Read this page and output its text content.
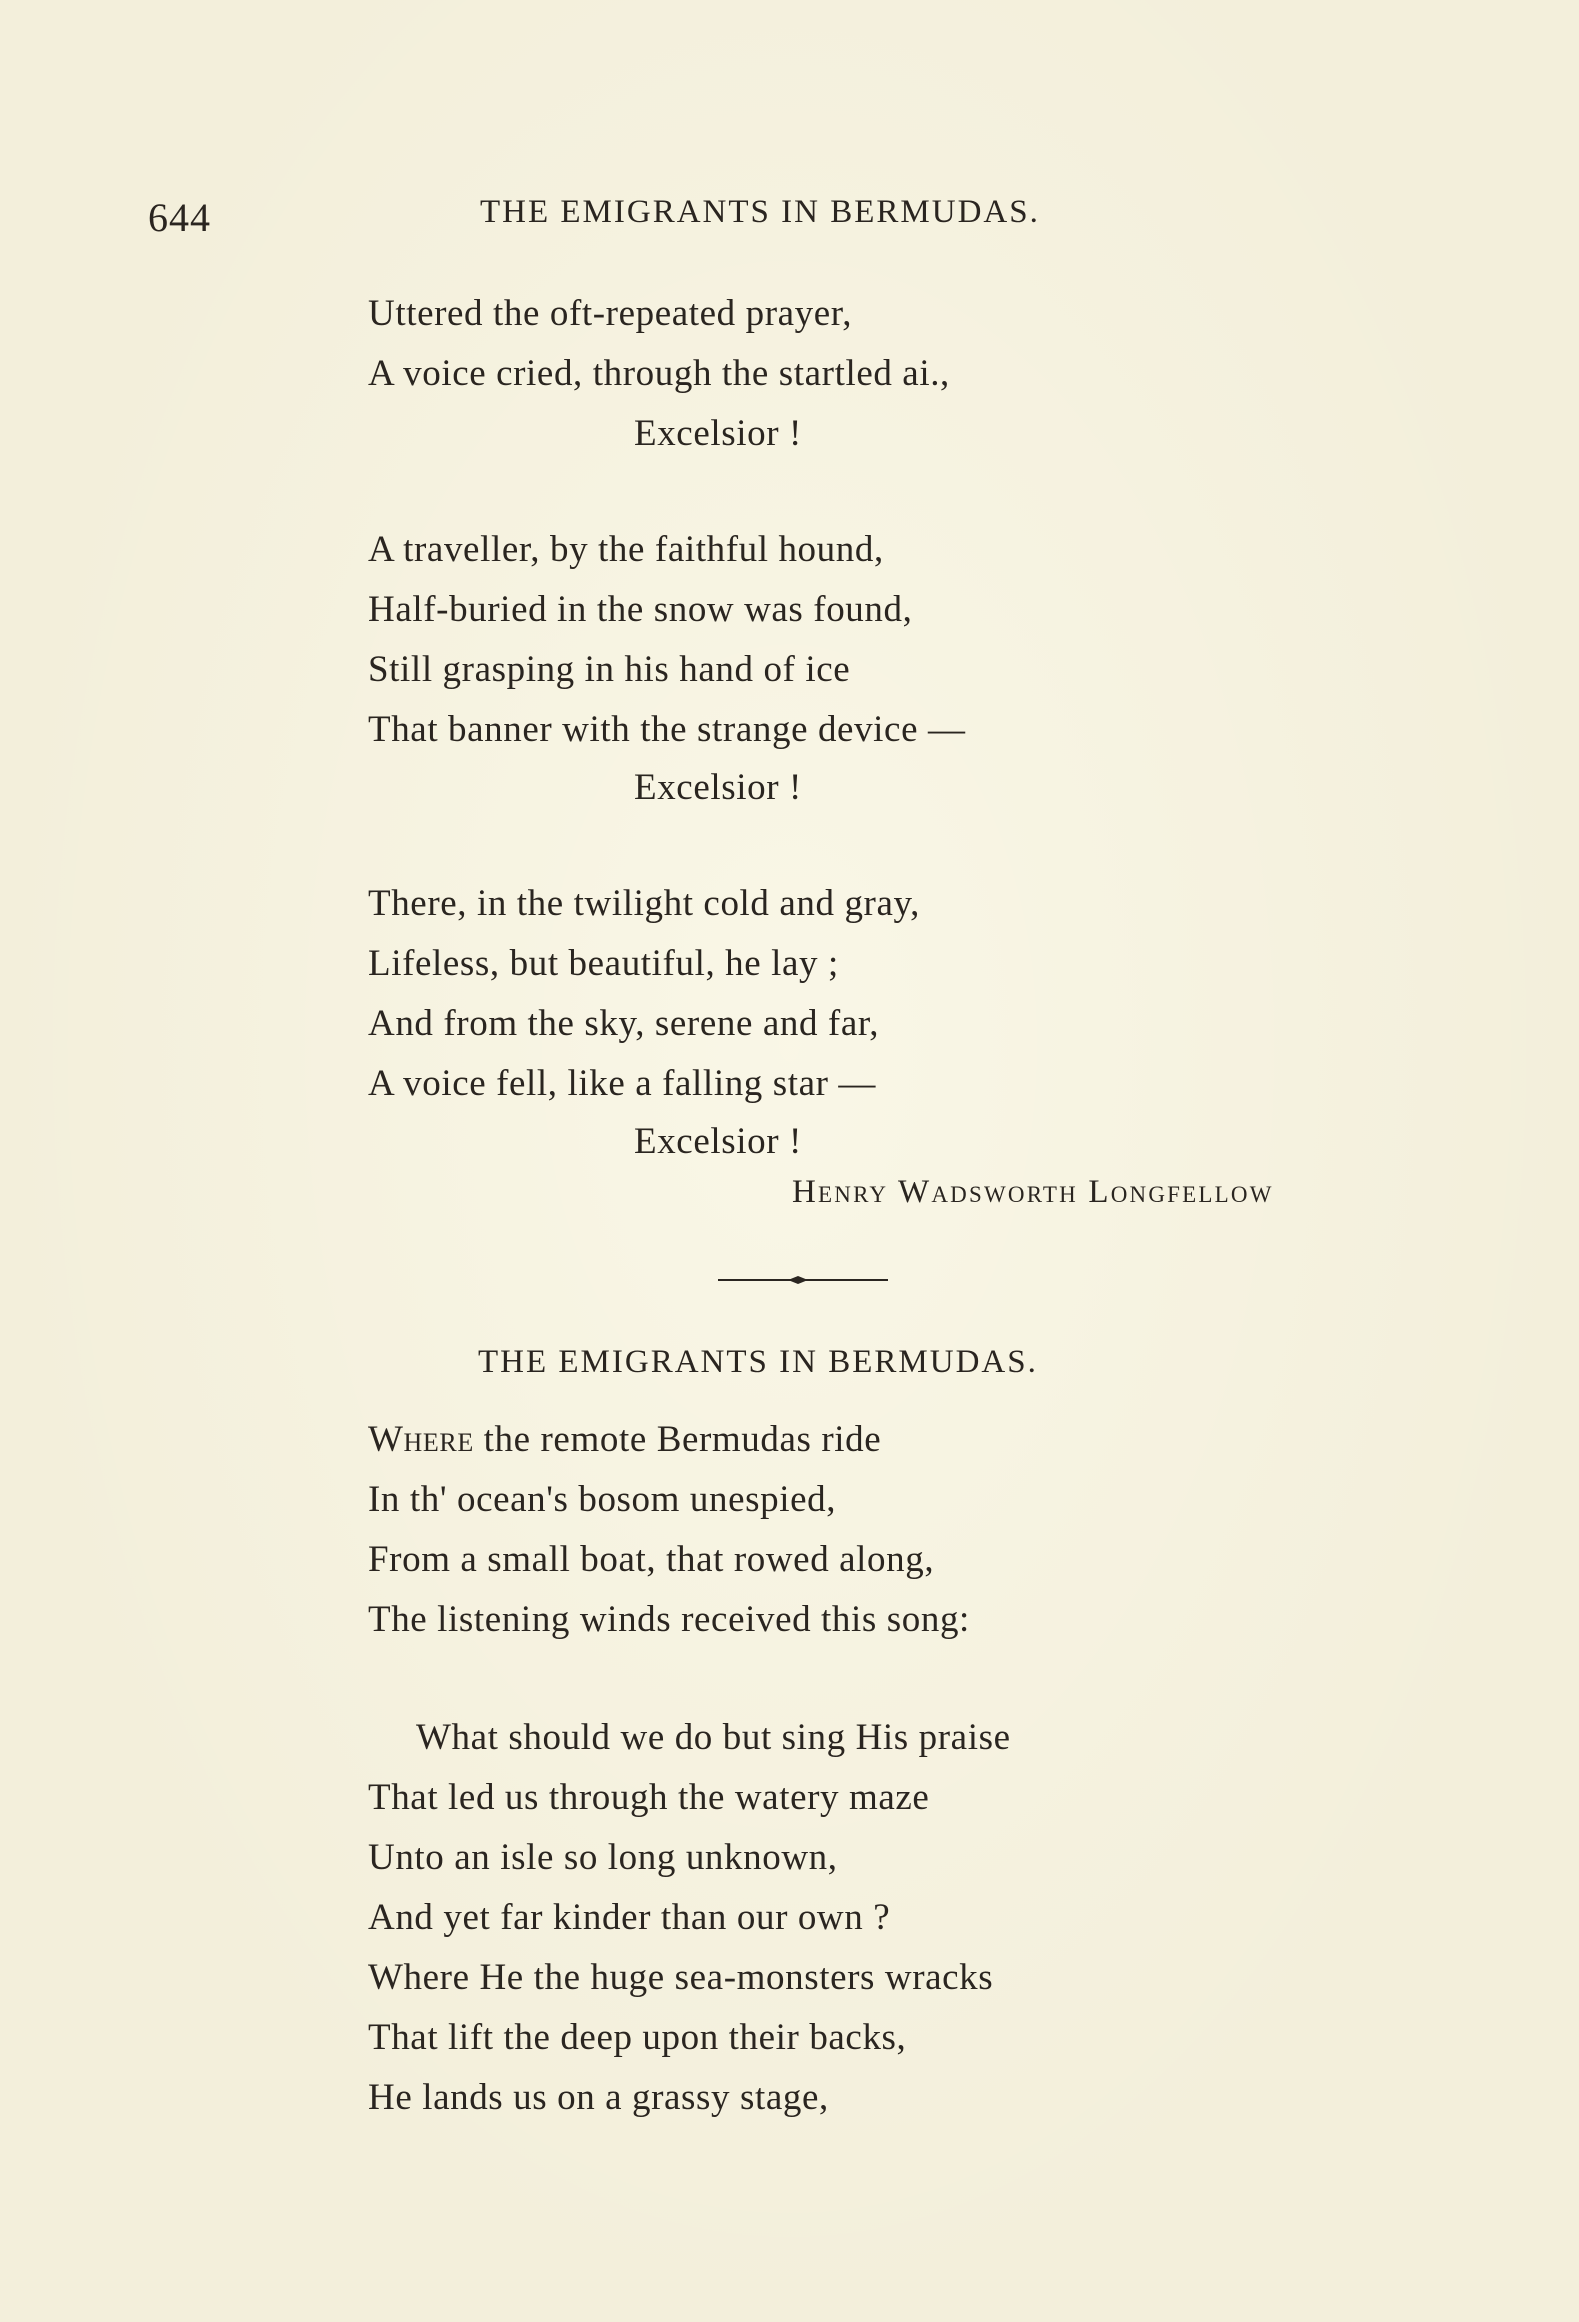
644	THE EMIGRANTS IN BERMUDAS.
Uttered the oft-repeated prayer,
A voice cried, through the startled ai.,
Excelsior !
A traveller, by the faithful hound,
Half-buried in the snow was found,
Still grasping in his hand of ice
That banner with the strange device —
Excelsior !
There, in the twilight cold and gray,
Lifeless, but beautiful, he lay ;
And from the sky, serene and far,
A voice fell, like a falling star —
Excelsior !
Henry Wadsworth Longfellow
THE EMIGRANTS IN BERMUDAS.
Where the remote Bermudas ride
In th' ocean's bosom unespied,
From a small boat, that rowed along,
The listening winds received this song:
What should we do but sing His praise
That led us through the watery maze
Unto an isle so long unknown,
And yet far kinder than our own ?
Where He the huge sea-monsters wracks
That lift the deep upon their backs,
He lands us on a grassy stage,
